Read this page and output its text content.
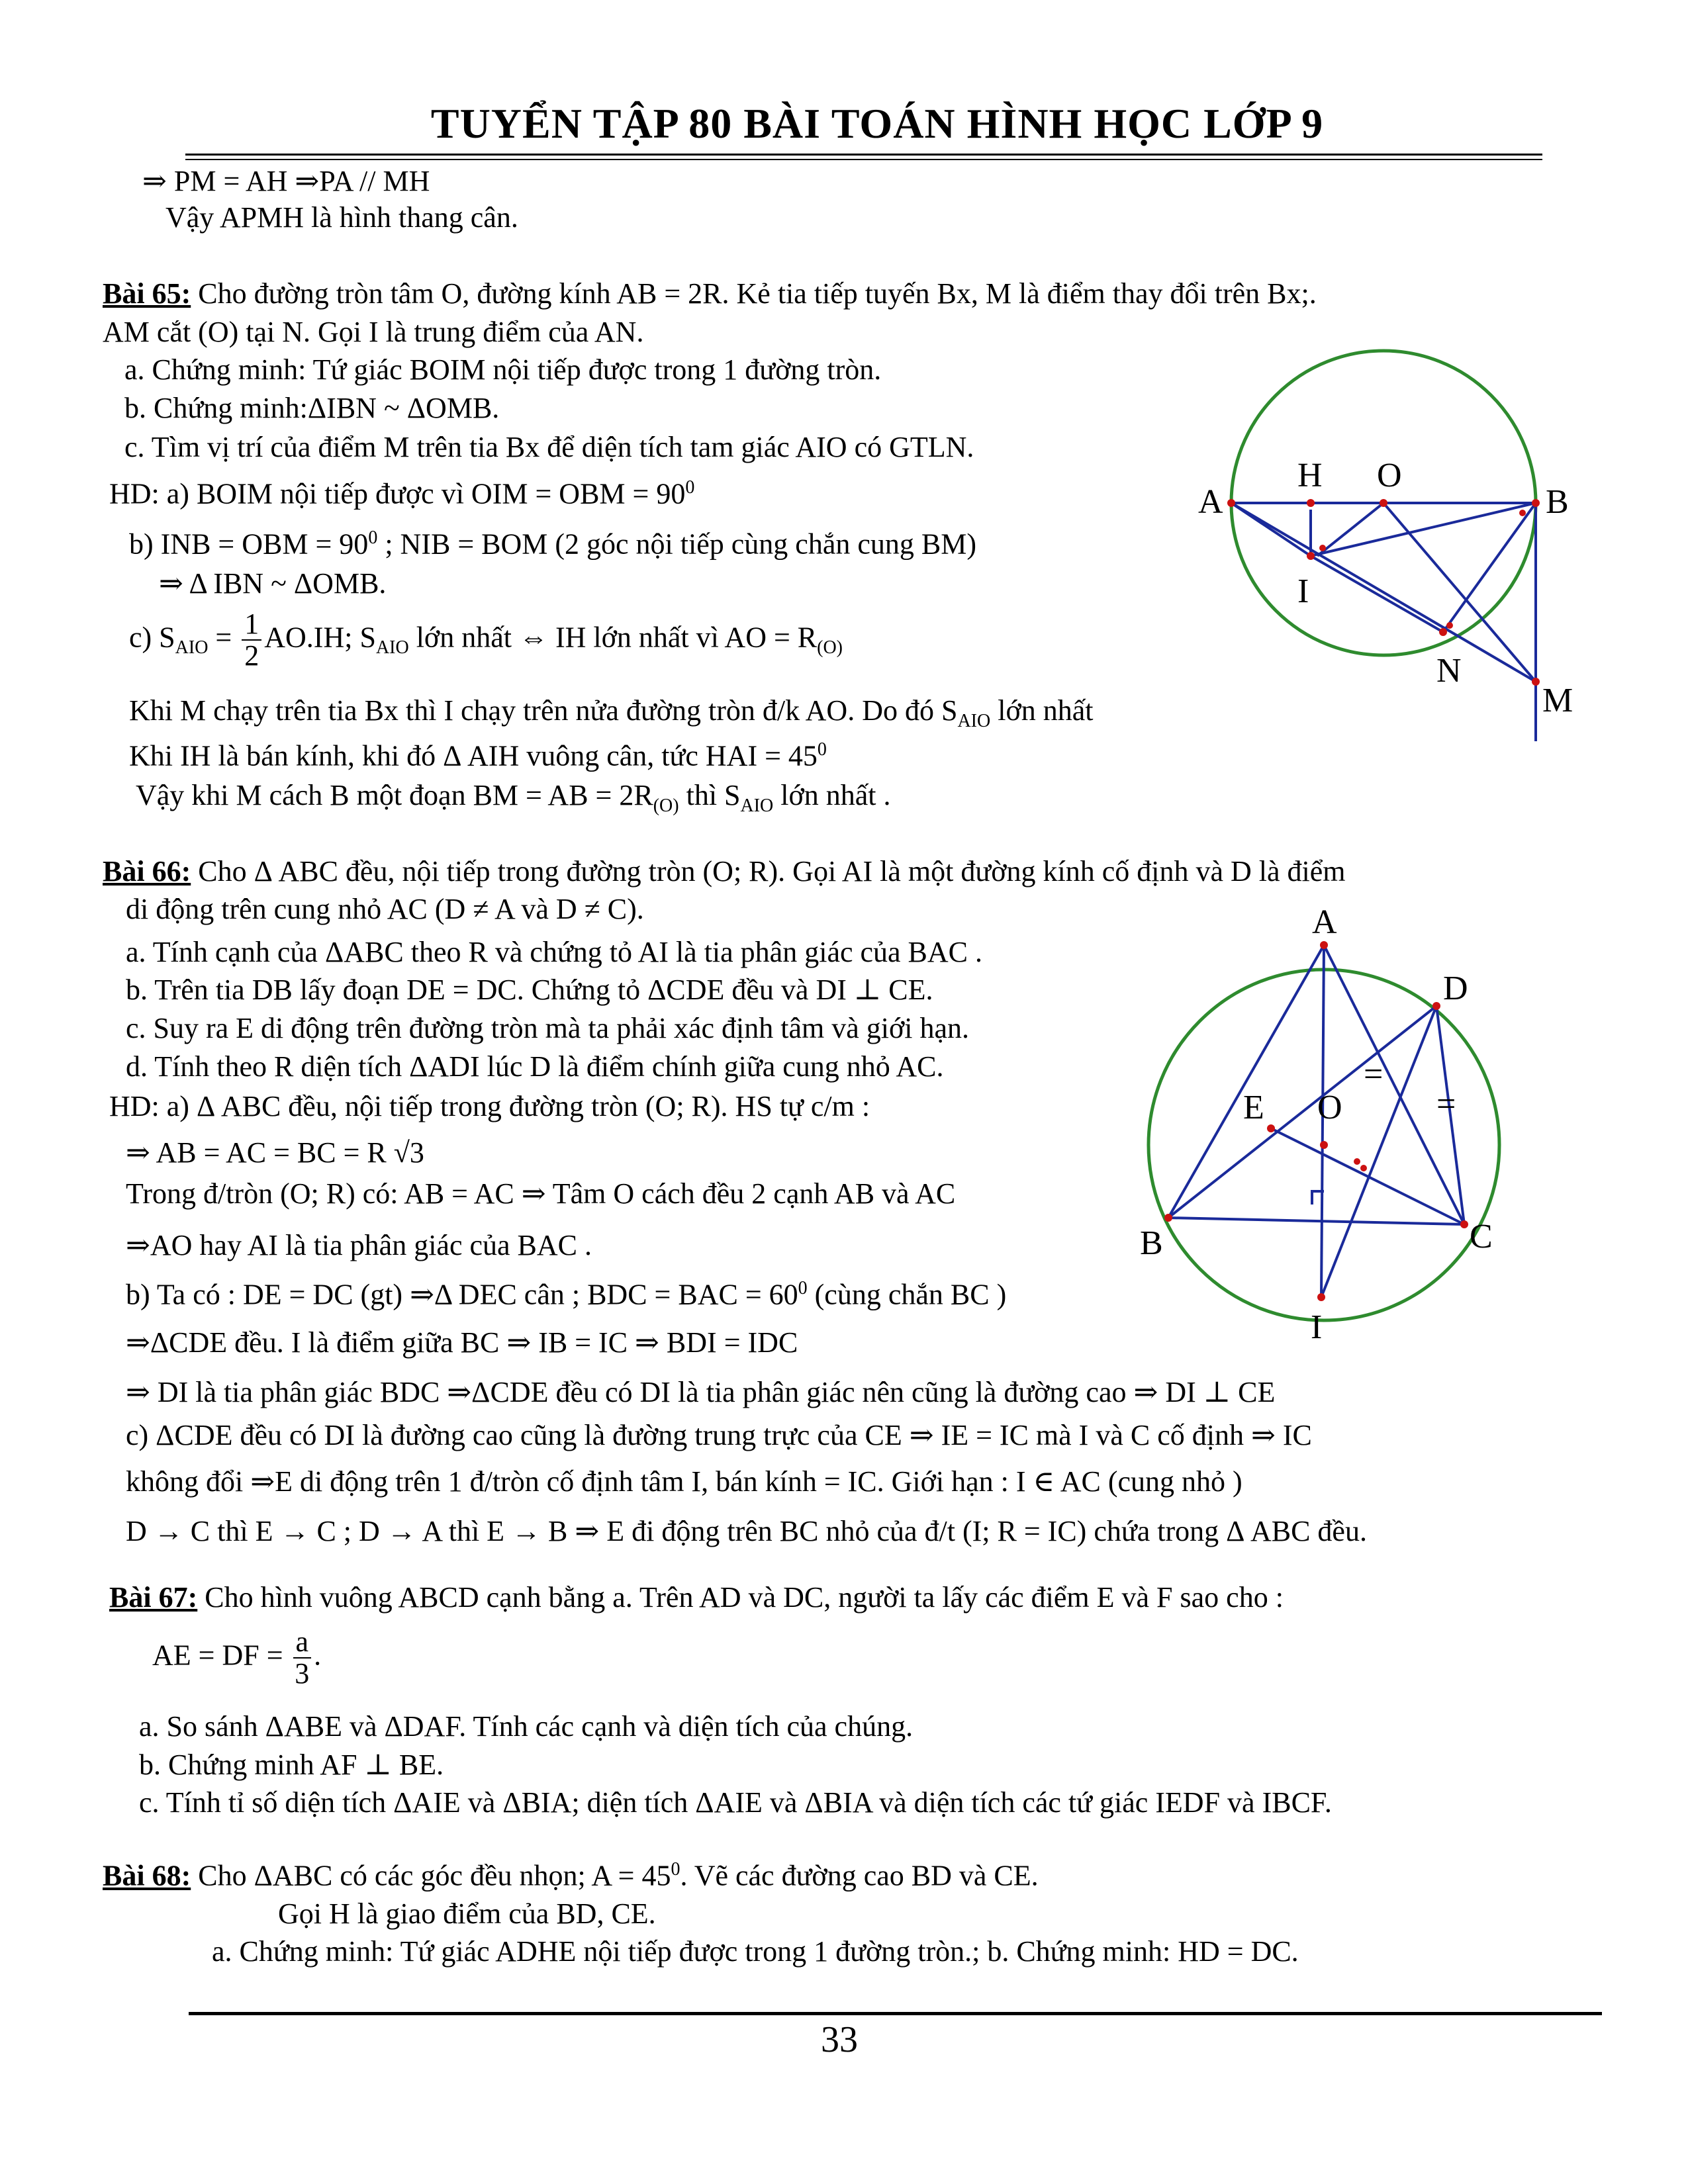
TUYỂN TẬP 80 BÀI TOÁN HÌNH HỌC LỚP 9
⇒ PM = AH ⇒PA // MH
Vậy APMH là hình thang cân.
Bài 65: Cho đường tròn tâm O, đường kính AB = 2R. Kẻ tia tiếp tuyến Bx, M là điểm thay đổi trên Bx;.
AM cắt (O) tại N. Gọi I là trung điểm của AN.
a. Chứng minh: Tứ giác BOIM nội tiếp được trong 1 đường tròn.
b. Chứng minh:ΔIBN ~ ΔOMB.
c. Tìm vị trí của điểm M trên tia Bx để diện tích tam giác AIO có GTLN.
HD: a) BOIM nội tiếp được vì OIM = OBM = $90^0$
b) INB = OBM = $90^0$ ; NIB = BOM (2 góc nội tiếp cùng chắn cung BM)
⇒ Δ IBN ~ ΔOMB.
c) $S_{AIO} = \frac{1}{2} AO.IH$; $S_{AIO}$ lớn nhất ⇔ IH lớn nhất vì AO = $R_{(O)}$
Khi M chạy trên tia Bx thì I chạy trên nửa đường tròn đ/k AO. Do đó $S_{AIO}$ lớn nhất
Khi IH là bán kính, khi đó Δ AIH vuông cân, tức HAI = $45^0$
Vậy khi M cách B một đoạn BM = AB = $2R_{(O)}$ thì $S_{AIO}$ lớn nhất .
A
H O
B
I
N
M
Bài 66: Cho Δ ABC đều, nội tiếp trong đường tròn (O; R). Gọi AI là một đường kính cố định và D là điểm
di động trên cung nhỏ AC (D ≠ A và D ≠ C).
a. Tính cạnh của ΔABC theo R và chứng tỏ AI là tia phân giác của BAC .
b. Trên tia DB lấy đoạn DE = DC. Chứng tỏ ΔCDE đều và DI ⊥ CE.
c. Suy ra E di động trên đường tròn mà ta phải xác định tâm và giới hạn.
d. Tính theo R diện tích ΔADI lúc D là điểm chính giữa cung nhỏ AC.
HD: a) Δ ABC đều, nội tiếp trong đường tròn (O; R). HS tự c/m :
⇒ AB = AC = BC = R √3
Trong đ/tròn (O; R) có: AB = AC ⇒ Tâm O cách đều 2 cạnh AB và AC
⇒AO hay AI là tia phân giác của BAC .
b) Ta có : DE = DC (gt) ⇒Δ DEC cân ; BDC = BAC = $60^0$ (cùng chắn BC )
⇒ΔCDE đều. I là điểm giữa BC ⇒ IB = IC ⇒ BDI = IDC
⇒ DI là tia phân giác BDC ⇒ΔCDE đều có DI là tia phân giác nên cũng là đường cao ⇒ DI ⊥ CE
c) ΔCDE đều có DI là đường cao cũng là đường trung trực của CE ⇒ IE = IC mà I và C cố định ⇒ IC
không đổi ⇒E di động trên 1 đ/tròn cố định tâm I, bán kính = IC. Giới hạn : I ∈ AC (cung nhỏ )
D → C thì E → C ; D → A thì E → B ⇒ E đi động trên BC nhỏ của đ/t (I; R = IC) chứa trong Δ ABC đều.
A
D
E O
B	C
I
=
=
Bài 67: Cho hình vuông ABCD cạnh bằng a. Trên AD và DC, người ta lấy các điểm E và F sao cho :
AE = DF = $\frac{a}{3}$ .
a. So sánh ΔABE và ΔDAF. Tính các cạnh và diện tích của chúng.
b. Chứng minh AF ⊥ BE.
c. Tính tỉ số diện tích ΔAIE và ΔBIA; diện tích ΔAIE và ΔBIA và diện tích các tứ giác IEDF và IBCF.
Bài 68: Cho ΔABC có các góc đều nhọn; $A = 45^0$. Vẽ các đường cao BD và CE.
Gọi H là giao điểm của BD, CE.
a. Chứng minh: Tứ giác ADHE nội tiếp được trong 1 đường tròn.; b. Chứng minh: HD = DC.
33
